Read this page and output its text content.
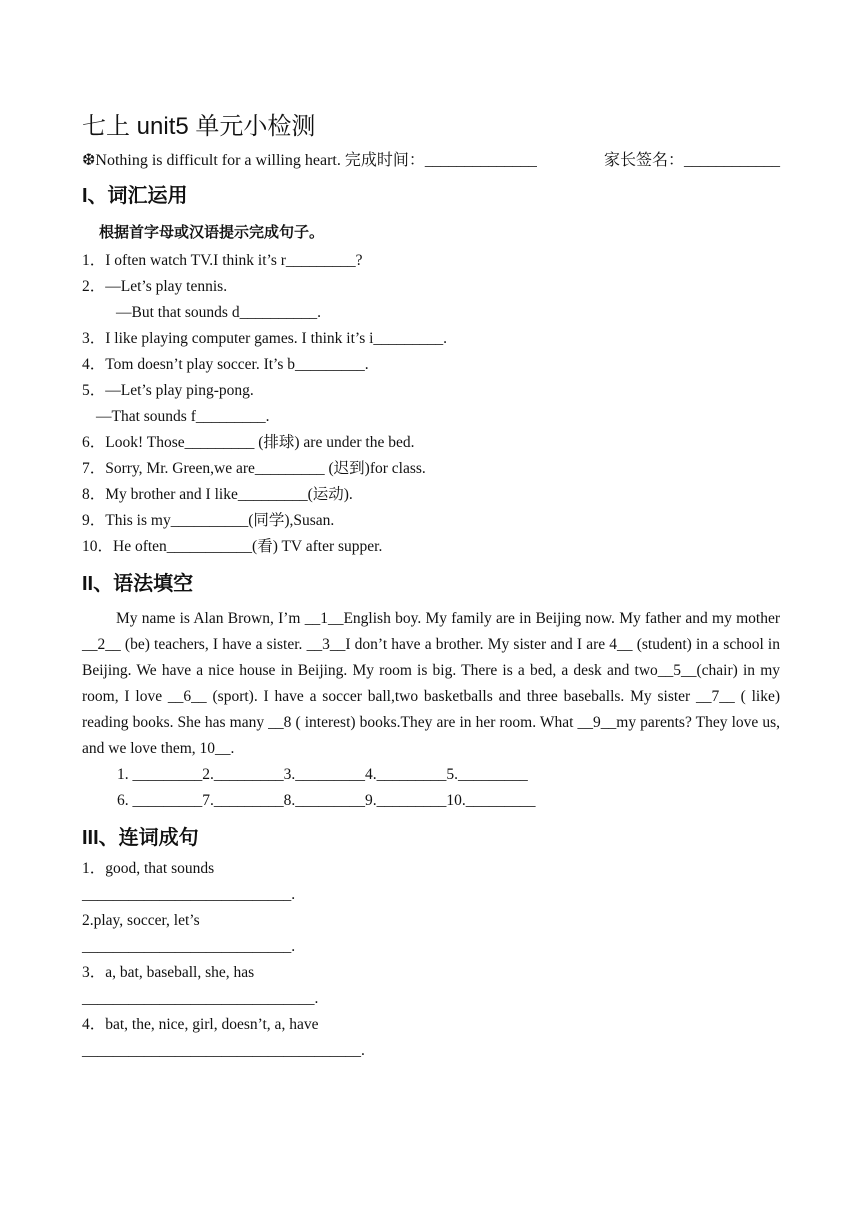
七上 unit5 单元小检测
❆Nothing is difficult for a willing heart. 完成时间：______________	家长签名：____________
I、词汇运用
根据首字母或汉语提示完成句子。
1．I often watch TV.I think it’s r_________?
2．—Let’s play tennis.
—But that sounds d__________.
3．I like playing computer games. I think it’s i_________.
4．Tom doesn’t play soccer. It’s b_________.
5．—Let’s play ping-pong.
—That sounds f_________.
6．Look! Those_________ (排球) are under the bed.
7．Sorry, Mr. Green,we are_________ (迟到)for class.
8．My brother and I like_________(运动).
9．This is my__________(同学),Susan.
10．He often___________(看) TV after supper.
II、语法填空
My name is Alan Brown, I’m __1__English boy. My family are in Beijing now. My father and my mother __2__ (be) teachers, I have a sister. __3__I don’t have a brother. My sister and I are 4__ (student) in a school in Beijing. We have a nice house in Beijing. My room is big. There is a bed, a desk and two__5__(chair) in my room, I love __6__ (sport). I have a soccer ball,two basketballs and three baseballs. My sister __7__ ( like) reading books. She has many __8 ( interest) books.They are in her room. What __9__my parents? They love us, and we love them, 10__.
1. _________2._________3._________4._________5._________
6. _________7._________8._________9._________10._________
III、连词成句
1．good, that sounds
___________________________.
2.play, soccer, let’s
___________________________.
3．a, bat, baseball, she, has
______________________________.
4．bat, the, nice, girl, doesn’t, a, have
____________________________________.
